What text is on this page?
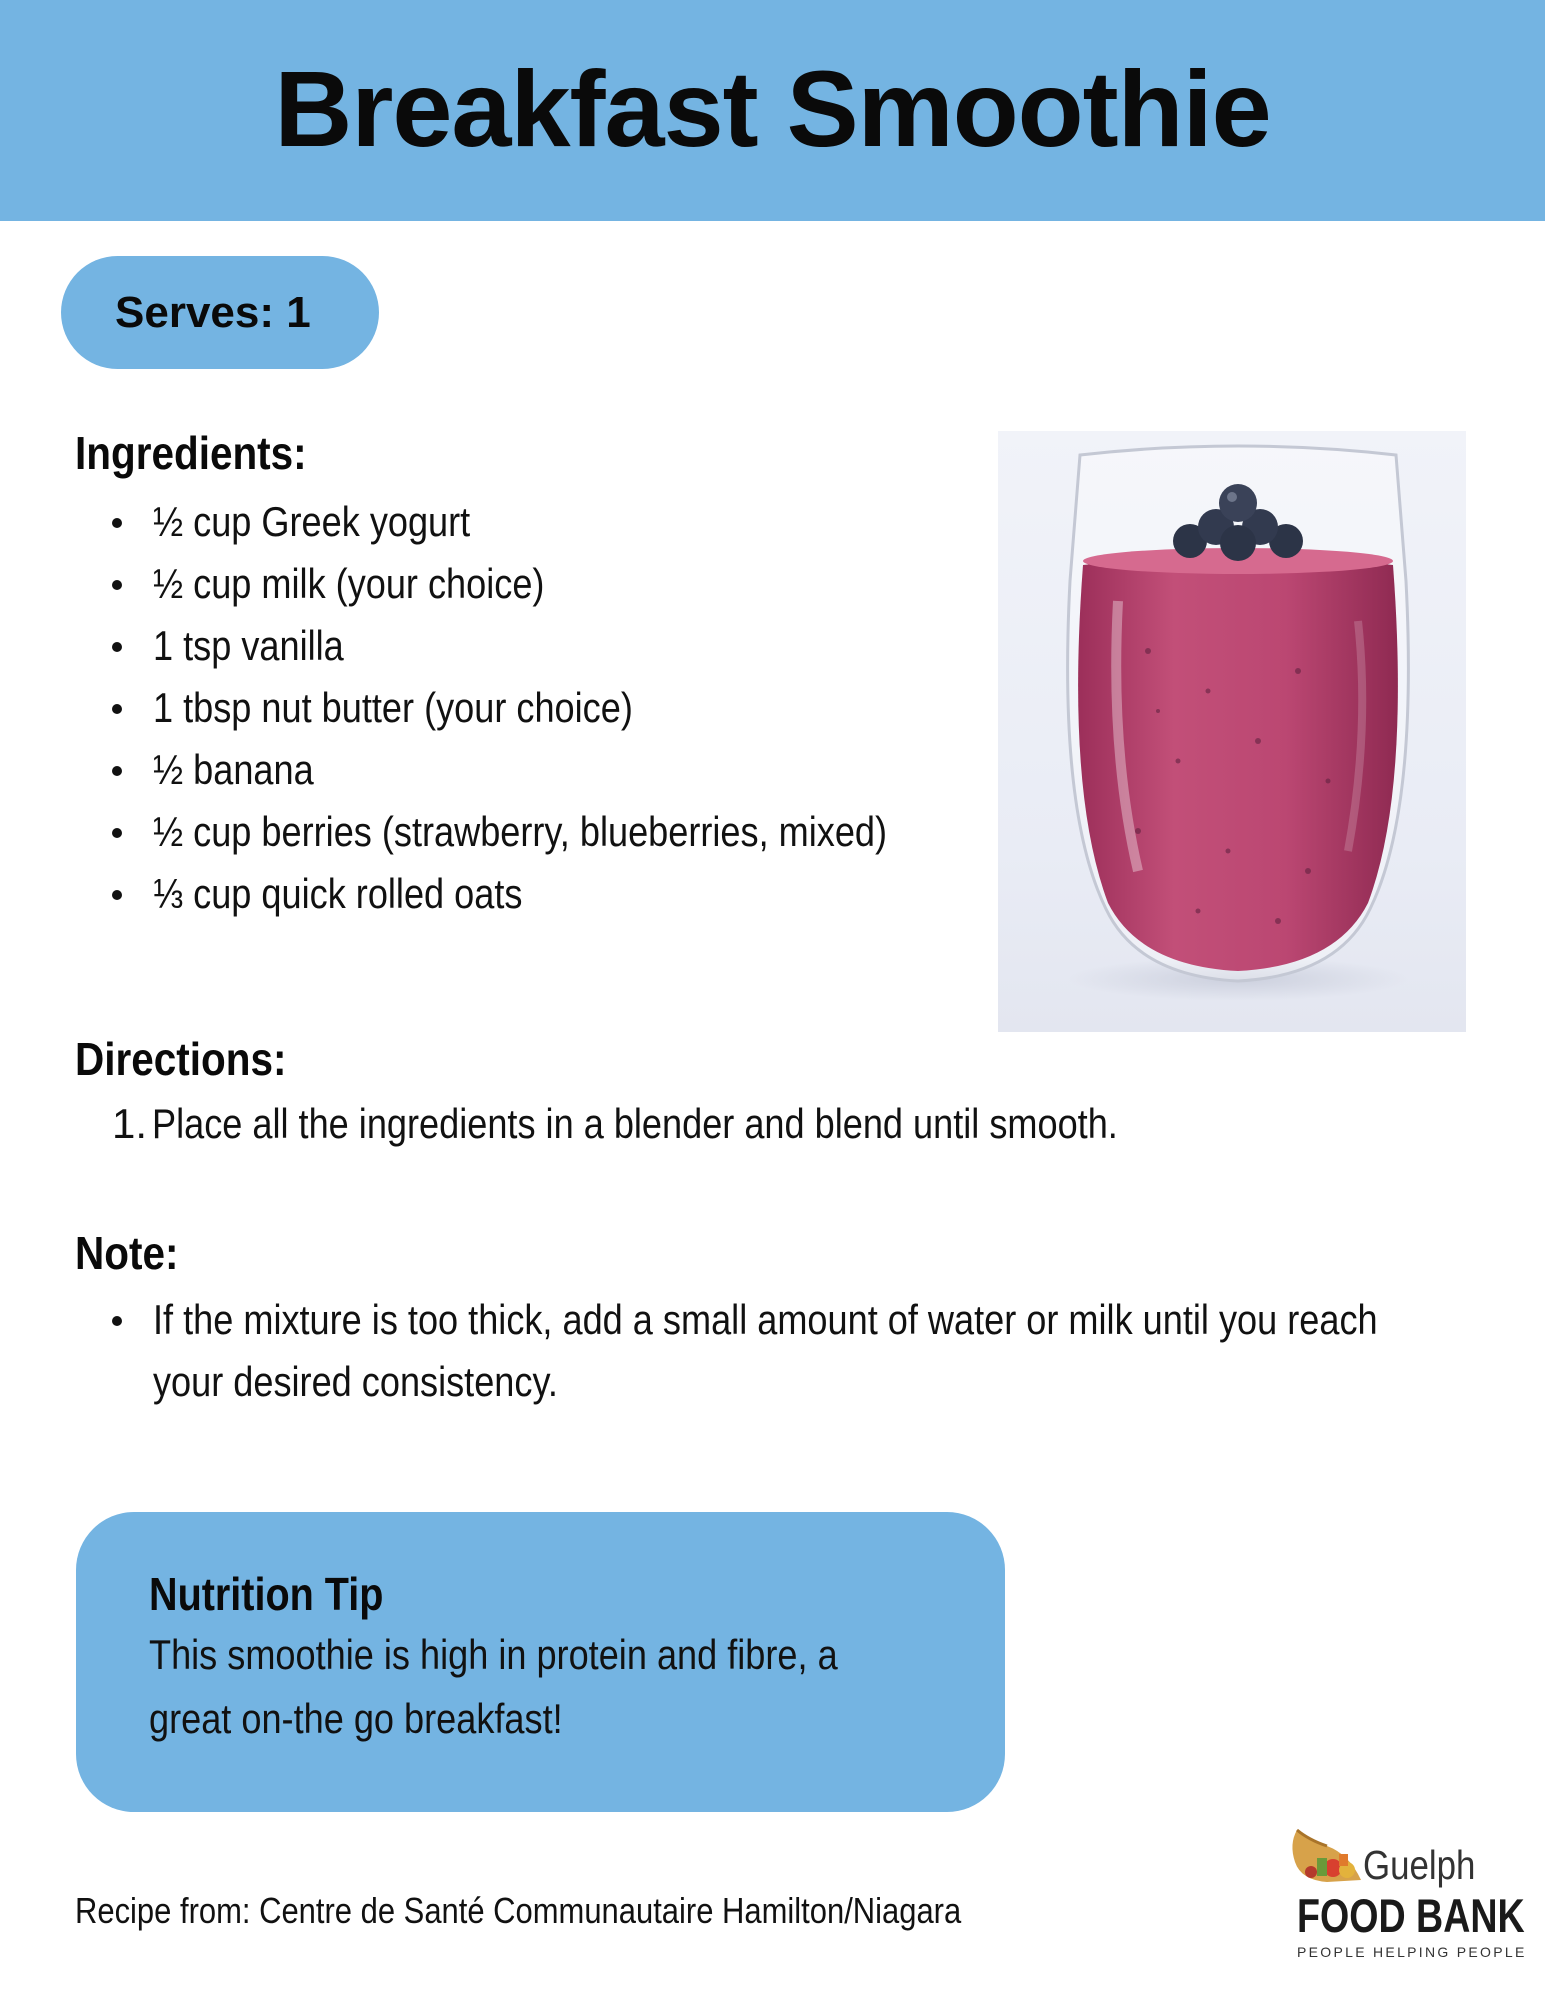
Breakfast Smoothie
Serves: 1
Ingredients:
½ cup Greek yogurt
½ cup milk (your choice)
1 tsp vanilla
1 tbsp nut butter (your choice)
½ banana
½ cup berries (strawberry, blueberries, mixed)
⅓ cup quick rolled oats
Directions:
1. Place all the ingredients in a blender and blend until smooth.
Note:
If the mixture is too thick, add a small amount of water or milk until you reach your desired consistency.
Nutrition Tip
This smoothie is high in protein and fibre, a great on-the go breakfast!
Recipe from: Centre de Santé Communautaire Hamilton/Niagara
Guelph
FOOD BANK
PEOPLE HELPING PEOPLE
